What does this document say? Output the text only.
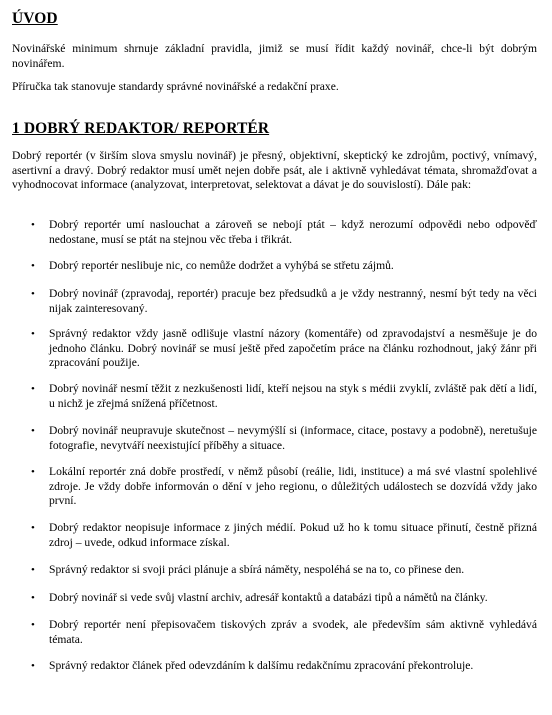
ÚVOD

Novinářské minimum shrnuje základní pravidla, jimiž se musí řídit každý novinář, chce-li být dobrým novinářem.

Příručka tak stanovuje standardy správné novinářské a redakční praxe.

1 DOBRÝ REDAKTOR/ REPORTÉR

Dobrý reportér (v širším slova smyslu novinář) je přesný, objektivní, skeptický ke zdrojům, poctivý, vnímavý, asertivní a dravý. Dobrý redaktor musí umět nejen dobře psát, ale i aktivně vyhledávat témata, shromažďovat a vyhodnocovat informace (analyzovat, interpretovat, selektovat a dávat je do souvislostí). Dále pak:

• Dobrý reportér umí naslouchat a zároveň se nebojí ptát – když nerozumí odpovědi nebo odpověď nedostane, musí se ptát na stejnou věc třeba i třikrát.
• Dobrý reportér neslibuje nic, co nemůže dodržet a vyhýbá se střetu zájmů.
• Dobrý novinář (zpravodaj, reportér) pracuje bez předsudků a je vždy nestranný, nesmí být tedy na věci nijak zainteresovaný.
• Správný redaktor vždy jasně odlišuje vlastní názory (komentáře) od zpravodajství a nesměšuje je do jednoho článku. Dobrý novinář se musí ještě před započetím práce na článku rozhodnout, jaký žánr při zpracování použije.
• Dobrý novinář nesmí těžit z nezkušenosti lidí, kteří nejsou na styk s médii zvyklí, zvláště pak dětí a lidí, u nichž je zřejmá snížená příčetnost.
• Dobrý novinář neupravuje skutečnost – nevymýšlí si (informace, citace, postavy a podobně), neretušuje fotografie, nevytváří neexistující příběhy a situace.
• Lokální reportér zná dobře prostředí, v němž působí (reálie, lidi, instituce) a má své vlastní spolehlivé zdroje. Je vždy dobře informován o dění v jeho regionu, o důležitých událostech se dozvídá vždy jako první.
• Dobrý redaktor neopisuje informace z jiných médií. Pokud už ho k tomu situace přinutí, čestně přizná zdroj – uvede, odkud informace získal.
• Správný redaktor si svoji práci plánuje a sbírá náměty, nespoléhá se na to, co přinese den.
• Dobrý novinář si vede svůj vlastní archiv, adresář kontaktů a databázi tipů a námětů na články.
• Dobrý reportér není přepisovačem tiskových zpráv a svodek, ale především sám aktivně vyhledává témata.
• Správný redaktor článek před odevzdáním k dalšímu redakčnímu zpracování překontroluje.
